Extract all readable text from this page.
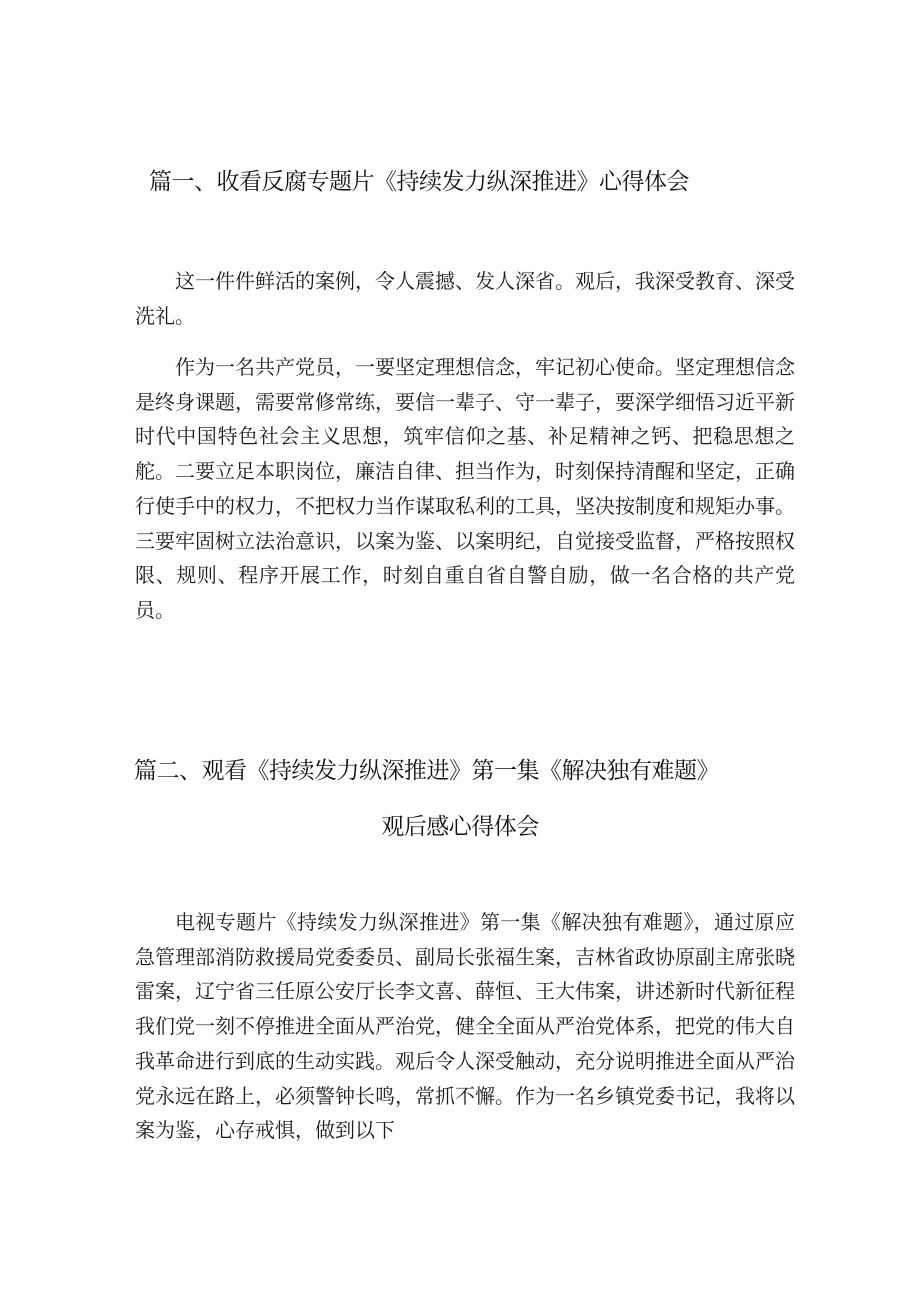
篇一、收看反腐专题片《持续发力纵深推进》心得体会

这一件件鲜活的案例，令人震撼、发人深省。观后，我深受教育、深受洗礼。

作为一名共产党员，一要坚定理想信念，牢记初心使命。坚定理想信念是终身课题，需要常修常练，要信一辈子、守一辈子，要深学细悟习近平新时代中国特色社会主义思想，筑牢信仰之基、补足精神之钙、把稳思想之舵。二要立足本职岗位，廉洁自律、担当作为，时刻保持清醒和坚定，正确行使手中的权力，不把权力当作谋取私利的工具，坚决按制度和规矩办事。三要牢固树立法治意识，以案为鉴、以案明纪，自觉接受监督，严格按照权限、规则、程序开展工作，时刻自重自省自警自励，做一名合格的共产党员。

篇二、观看《持续发力纵深推进》第一集《解决独有难题》
观后感心得体会

电视专题片《持续发力纵深推进》第一集《解决独有难题》，通过原应急管理部消防救援局党委委员、副局长张福生案，吉林省政协原副主席张晓雷案，辽宁省三任原公安厅长李文喜、薛恒、王大伟案，讲述新时代新征程我们党一刻不停推进全面从严治党，健全全面从严治党体系，把党的伟大自我革命进行到底的生动实践。观后令人深受触动，充分说明推进全面从严治党永远在路上，必须警钟长鸣，常抓不懈。作为一名乡镇党委书记，我将以案为鉴，心存戒惧，做到以下
